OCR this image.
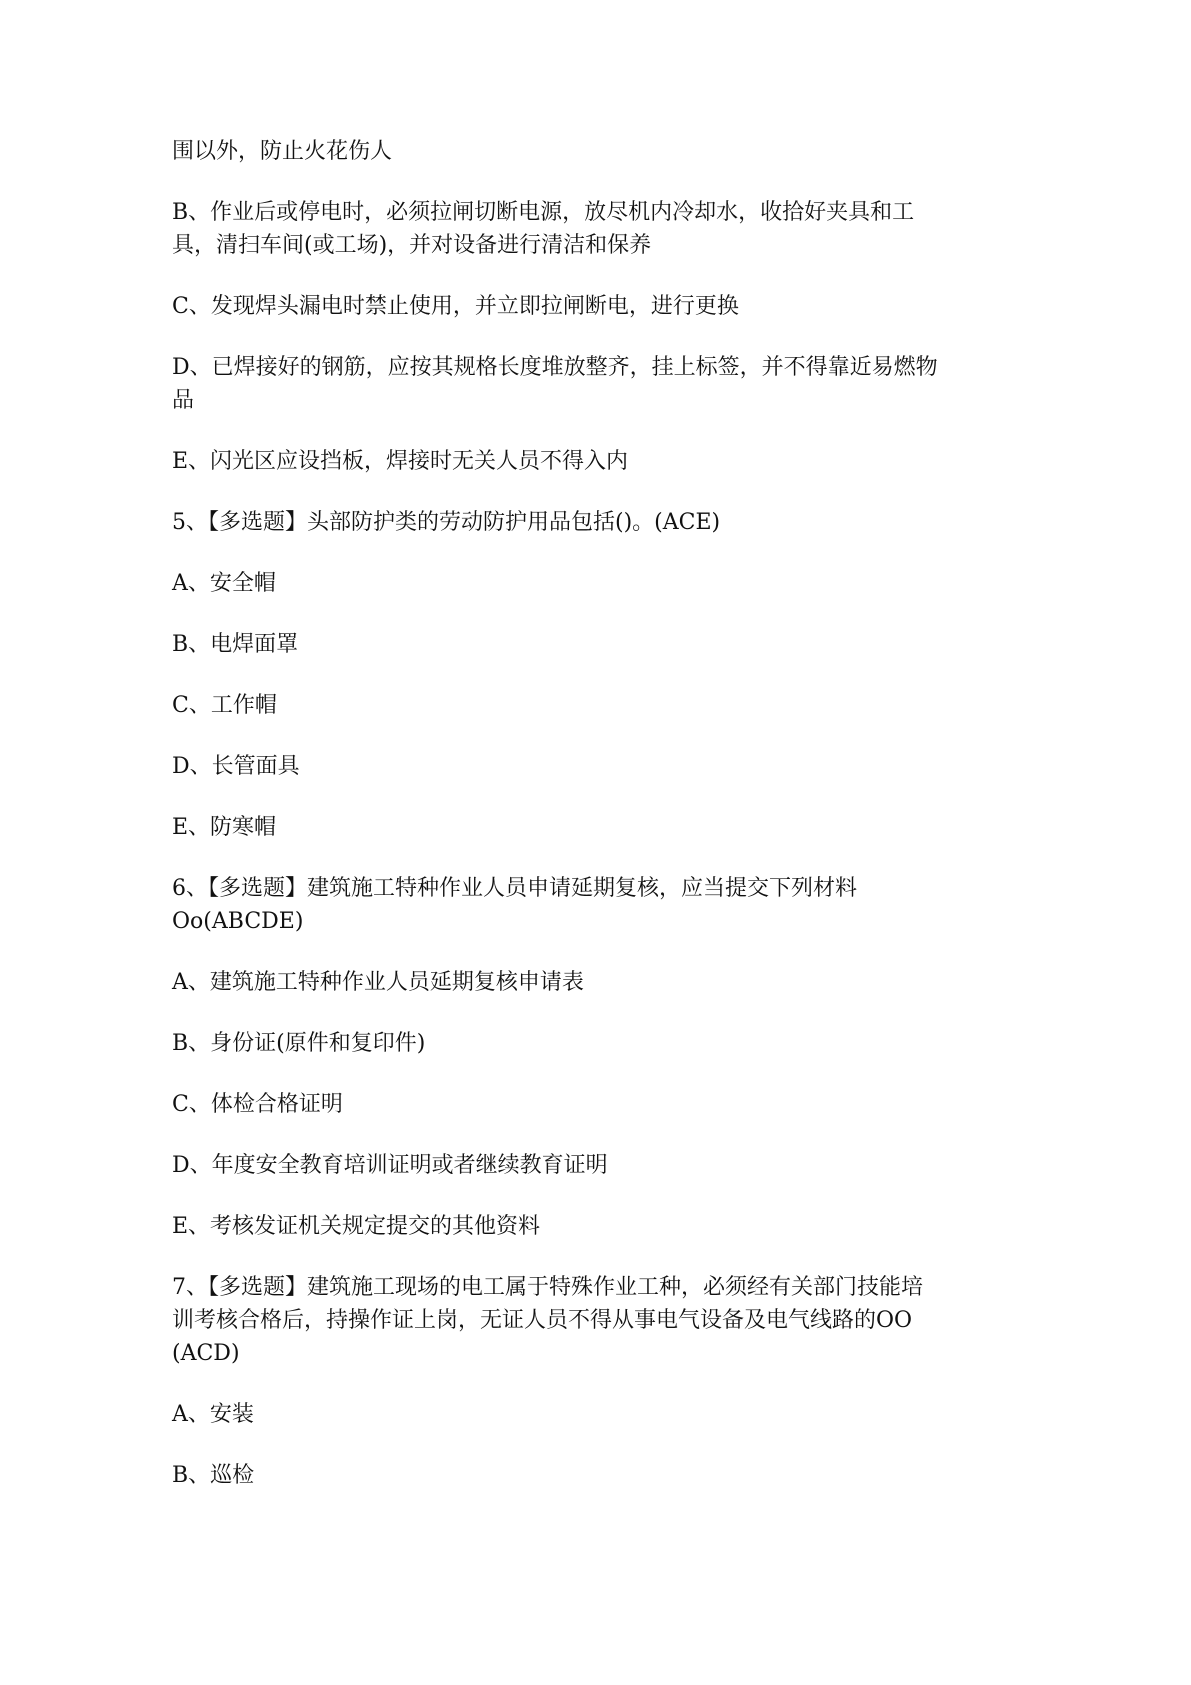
围以外，防止火花伤人

B、作业后或停电时，必须拉闸切断电源，放尽机内冷却水，收拾好夹具和工
具，清扫车间(或工场)，并对设备进行清洁和保养

C、发现焊头漏电时禁止使用，并立即拉闸断电，进行更换

D、已焊接好的钢筋，应按其规格长度堆放整齐，挂上标签，并不得靠近易燃物
品

E、闪光区应设挡板，焊接时无关人员不得入内

5、【多选题】头部防护类的劳动防护用品包括()。(ACE)

A、安全帽

B、电焊面罩

C、工作帽

D、长管面具

E、防寒帽

6、【多选题】建筑施工特种作业人员申请延期复核，应当提交下列材料
Oo(ABCDE)

A、建筑施工特种作业人员延期复核申请表

B、身份证(原件和复印件)

C、体检合格证明

D、年度安全教育培训证明或者继续教育证明

E、考核发证机关规定提交的其他资料

7、【多选题】建筑施工现场的电工属于特殊作业工种，必须经有关部门技能培
训考核合格后，持操作证上岗，无证人员不得从事电气设备及电气线路的OO
(ACD)

A、安装

B、巡检
